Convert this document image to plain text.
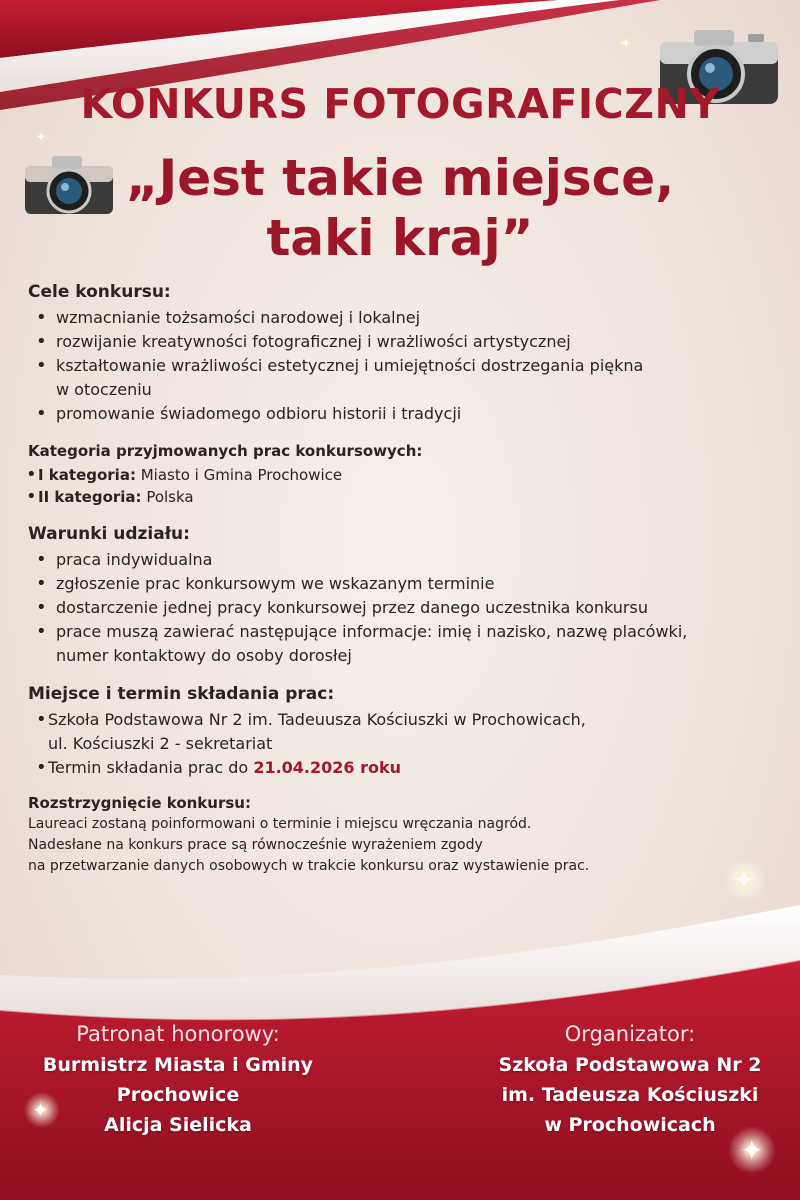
✦
✦
✦
✦
✦
KONKURS FOTOGRAFICZNY
„Jest takie miejsce,
taki kraj”
Cele konkursu:
• wzmacnianie tożsamości narodowej i lokalnej
• rozwijanie kreatywności fotograficznej i wrażliwości artystycznej
• kształtowanie wrażliwości estetycznej i umiejętności dostrzegania piękna
w otoczeniu
• promowanie świadomego odbioru historii i tradycji
Kategoria przyjmowanych prac konkursowych:
• I kategoria: Miasto i Gmina Prochowice
• II kategoria: Polska
Warunki udziału:
• praca indywidualna
• zgłoszenie prac konkursowym we wskazanym terminie
• dostarczenie jednej pracy konkursowej przez danego uczestnika konkursu
• prace muszą zawierać następujące informacje: imię i nazisko, nazwę placówki,
numer kontaktowy do osoby dorosłej
Miejsce i termin składania prac:
• Szkoła Podstawowa Nr 2 im. Tadeuusza Kościuszki w Prochowicach,
ul. Kościuszki 2 - sekretariat
• Termin składania prac do 21.04.2026 roku
Rozstrzygnięcie konkursu:
Laureaci zostaną poinformowani o terminie i miejscu wręczania nagród.
Nadesłane na konkurs prace są równocześnie wyrażeniem zgody
na przetwarzanie danych osobowych w trakcie konkursu oraz wystawienie prac.
Patronat honorowy:
Burmistrz Miasta i Gminy
Prochowice
Alicja Sielicka
Organizator:
Szkoła Podstawowa Nr 2
im. Tadeusza Kościuszki
w Prochowicach
